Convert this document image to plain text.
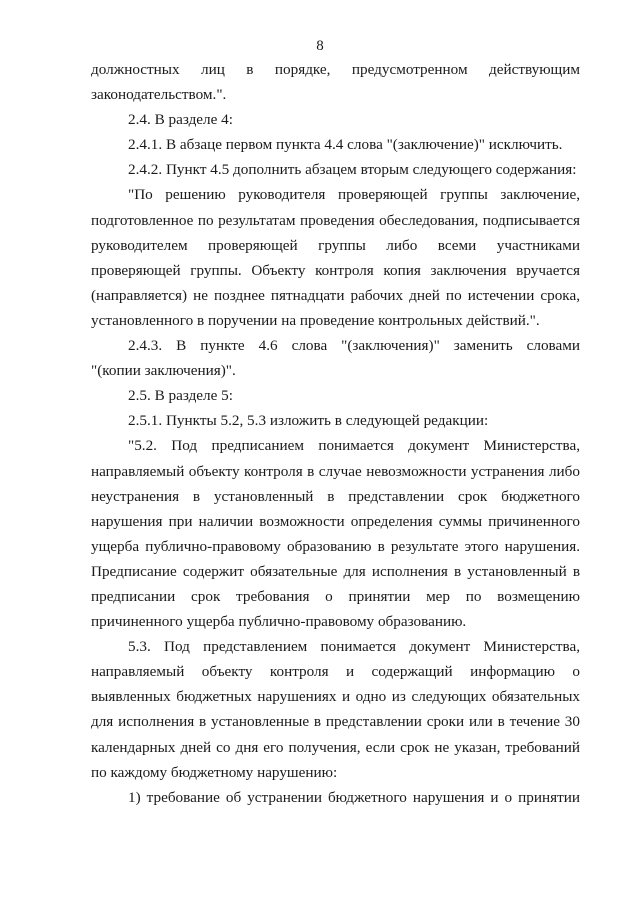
8
должностных лиц в порядке, предусмотренном действующим
законодательством.".
2.4. В разделе 4:
2.4.1. В абзаце первом пункта 4.4 слова "(заключение)" исключить.
2.4.2. Пункт 4.5 дополнить абзацем вторым следующего содержания:
"По решению руководителя проверяющей группы заключение,
подготовленное по результатам проведения обеследования, подписывается
руководителем проверяющей группы либо всеми участниками
проверяющей группы. Объекту контроля копия заключения вручается
(направляется) не позднее пятнадцати рабочих дней по истечении срока,
установленного в поручении на проведение контрольных действий.".
2.4.3. В пункте 4.6 слова "(заключения)" заменить словами
"(копии заключения)".
2.5. В разделе 5:
2.5.1. Пункты 5.2, 5.3 изложить в следующей редакции:
"5.2. Под предписанием понимается документ Министерства,
направляемый объекту контроля в случае невозможности устранения либо
неустранения в установленный в представлении срок бюджетного
нарушения при наличии возможности определения суммы причиненного
ущерба публично-правовому образованию в результате этого нарушения.
Предписание содержит обязательные для исполнения в установленный в
предписании срок требования о принятии мер по возмещению
причиненного ущерба публично-правовому образованию.
5.3. Под представлением понимается документ Министерства,
направляемый объекту контроля и содержащий информацию о
выявленных бюджетных нарушениях и одно из следующих обязательных
для исполнения в установленные в представлении сроки или в течение 30
календарных дней со дня его получения, если срок не указан, требований
по каждому бюджетному нарушению:
1) требование об устранении бюджетного нарушения и о принятии
